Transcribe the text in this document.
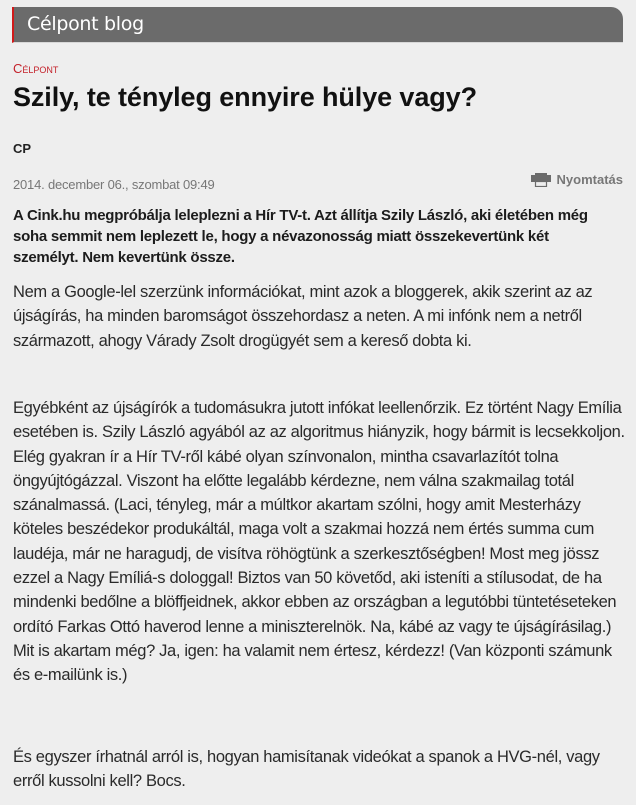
Célpont blog
Célpont
Szily, te tényleg ennyire hülye vagy?
CP
2014. december 06., szombat 09:49	Nyomtatás

A Cink.hu megpróbálja leleplezni a Hír TV-t. Azt állítja Szily László, aki életében még soha semmit nem leplezett le, hogy a névazonosság miatt összekevertünk két személyt. Nem kevertünk össze.

Nem a Google-lel szerzünk információkat, mint azok a bloggerek, akik szerint az az újságírás, ha minden baromságot összehordasz a neten. A mi infónk nem a netről származott, ahogy Várady Zsolt drogügyét sem a kereső dobta ki.

Egyébként az újságírók a tudomásukra jutott infókat leellenőrzik. Ez történt Nagy Emília esetében is. Szily László agyából az az algoritmus hiányzik, hogy bármit is lecsekkoljon. Elég gyakran ír a Hír TV-ről kábé olyan színvonalon, mintha csavarlazítót tolna öngyújtógázzal. Viszont ha előtte legalább kérdezne, nem válna szakmailag totál szánalmassá. (Laci, tényleg, már a múltkor akartam szólni, hogy amit Mesterházy köteles beszédekor produkáltál, maga volt a szakmai hozzá nem értés summa cum laudéja, már ne haragudj, de visítva röhögtünk a szerkesztőségben! Most meg jössz ezzel a Nagy Emíliá-s dologgal! Biztos van 50 követőd, aki isteníti a stílusodat, de ha mindenki bedőlne a blöffjeidnek, akkor ebben az országban a legutóbbi tüntetéseteken ordító Farkas Ottó haverod lenne a miniszterelnök. Na, kábé az vagy te újságírásilag.) Mit is akartam még? Ja, igen: ha valamit nem értesz, kérdezz! (Van központi számunk és e-mailünk is.)

És egyszer írhatnál arról is, hogyan hamisítanak videókat a spanok a HVG-nél, vagy erről kussolni kell? Bocs.
